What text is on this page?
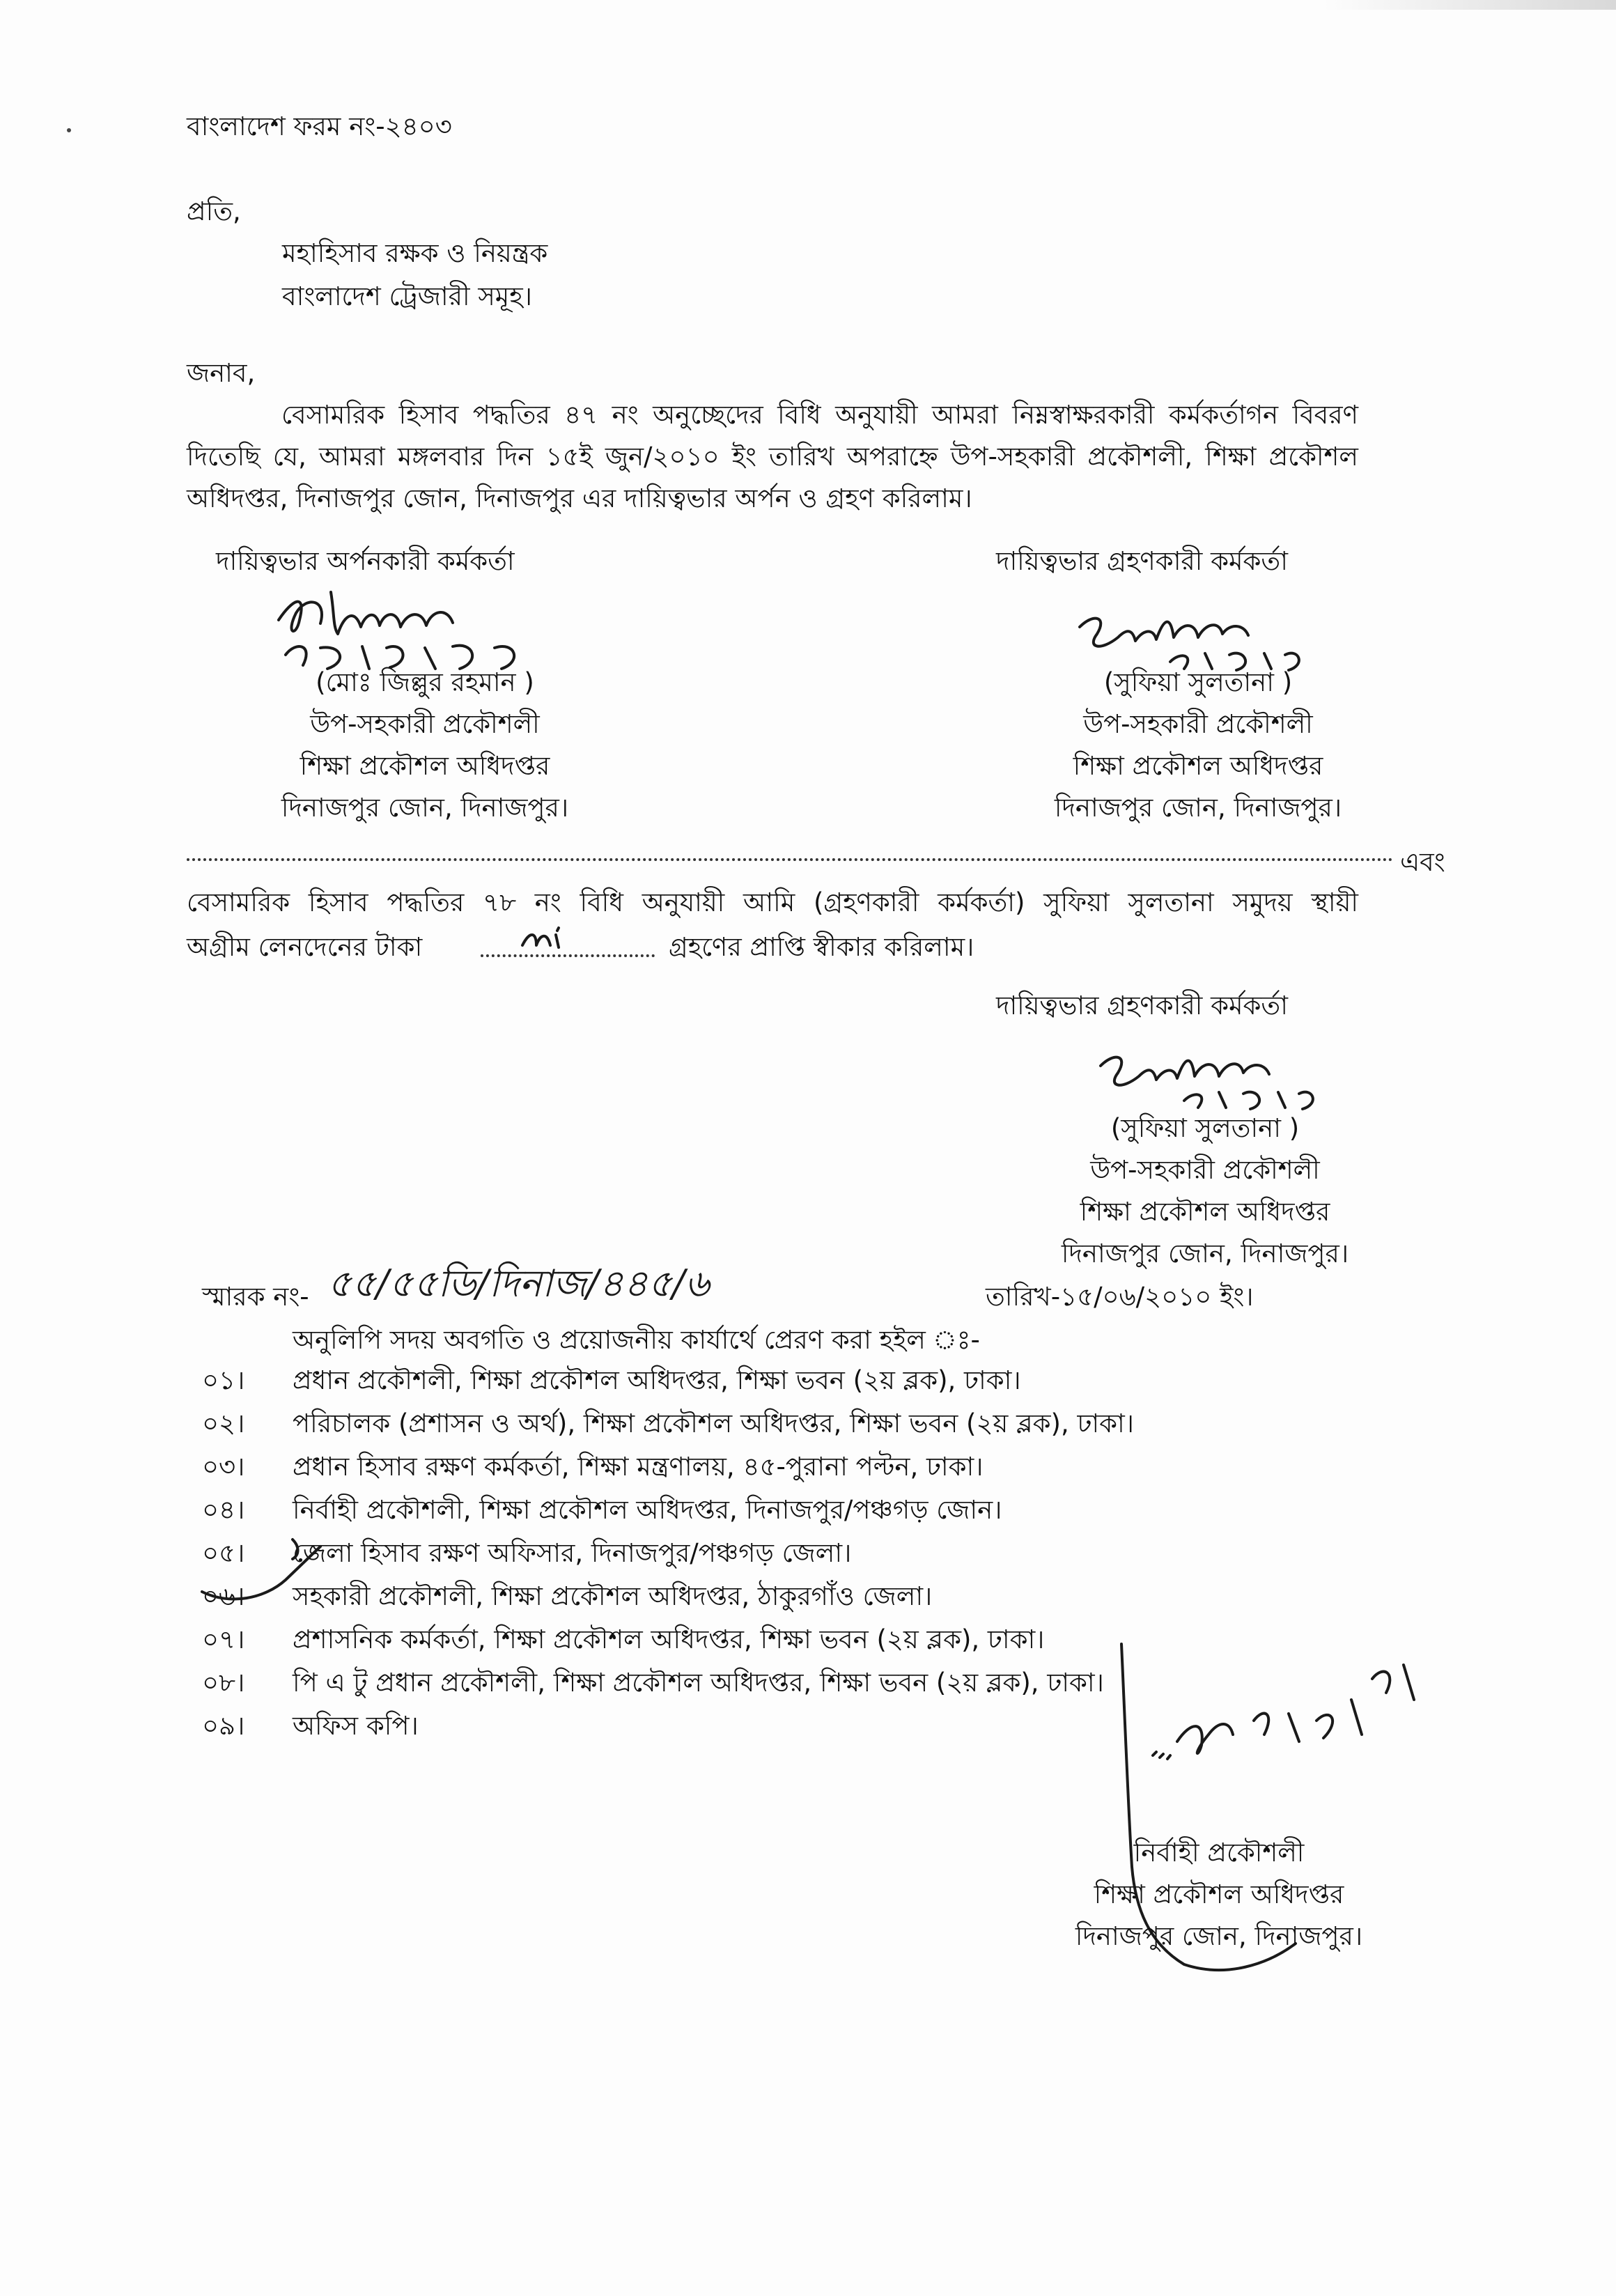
বাংলাদেশ ফরম নং-২৪০৩
প্রতি,
মহাহিসাব রক্ষক ও নিয়ন্ত্রক
বাংলাদেশ ট্রেজারী সমূহ।
জনাব,
বেসামরিক হিসাব পদ্ধতির ৪৭ নং অনুচ্ছেদের বিধি অনুযায়ী আমরা নিম্নস্বাক্ষরকারী কর্মকর্তাগন বিবরণ দিতেছি যে, আমরা মঙ্গলবার দিন ১৫ই জুন/২০১০ ইং তারিখ অপরাহ্নে উপ-সহকারী প্রকৌশলী, শিক্ষা প্রকৌশল অধিদপ্তর, দিনাজপুর জোন, দিনাজপুর এর দায়িত্বভার অর্পন ও গ্রহণ করিলাম।
দায়িত্বভার অর্পনকারী কর্মকর্তা
(মোঃ জিল্লুর রহমান )
উপ-সহকারী প্রকৌশলী
শিক্ষা প্রকৌশল অধিদপ্তর
দিনাজপুর জোন, দিনাজপুর।
দায়িত্বভার গ্রহণকারী কর্মকর্তা
(সুফিয়া সুলতানা )
উপ-সহকারী প্রকৌশলী
শিক্ষা প্রকৌশল অধিদপ্তর
দিনাজপুর জোন, দিনাজপুর।
এবং
বেসামরিক হিসাব পদ্ধতির ৭৮ নং বিধি অনুযায়ী আমি (গ্রহণকারী কর্মকর্তা) সুফিয়া সুলতানা সমুদয় স্থায়ী
অগ্রীম লেনদেনের টাকা	গ্রহণের প্রাপ্তি স্বীকার করিলাম।
দায়িত্বভার গ্রহণকারী কর্মকর্তা
(সুফিয়া সুলতানা )
উপ-সহকারী প্রকৌশলী
শিক্ষা প্রকৌশল অধিদপ্তর
দিনাজপুর জোন, দিনাজপুর।
স্মারক নং- ৫৫/৫৫ডি/দিনাজ/৪৪৫/৬	তারিখ-১৫/০৬/২০১০ ইং।
অনুলিপি সদয় অবগতি ও প্রয়োজনীয় কার্যার্থে প্রেরণ করা হইল ঃ-
০১। প্রধান প্রকৌশলী, শিক্ষা প্রকৌশল অধিদপ্তর, শিক্ষা ভবন (২য় ব্লক), ঢাকা।
০২। পরিচালক (প্রশাসন ও অর্থ), শিক্ষা প্রকৌশল অধিদপ্তর, শিক্ষা ভবন (২য় ব্লক), ঢাকা।
০৩। প্রধান হিসাব রক্ষণ কর্মকর্তা, শিক্ষা মন্ত্রণালয়, ৪৫-পুরানা পল্টন, ঢাকা।
০৪। নির্বাহী প্রকৌশলী, শিক্ষা প্রকৌশল অধিদপ্তর, দিনাজপুর/পঞ্চগড় জোন।
০৫। জেলা হিসাব রক্ষণ অফিসার, দিনাজপুর/পঞ্চগড় জেলা।
০৬। সহকারী প্রকৌশলী, শিক্ষা প্রকৌশল অধিদপ্তর, ঠাকুরগাঁও জেলা।
০৭। প্রশাসনিক কর্মকর্তা, শিক্ষা প্রকৌশল অধিদপ্তর, শিক্ষা ভবন (২য় ব্লক), ঢাকা।
০৮। পি এ টু প্রধান প্রকৌশলী, শিক্ষা প্রকৌশল অধিদপ্তর, শিক্ষা ভবন (২য় ব্লক), ঢাকা।
০৯। অফিস কপি।
নির্বাহী প্রকৌশলী
শিক্ষা প্রকৌশল অধিদপ্তর
দিনাজপুর জোন, দিনাজপুর।
